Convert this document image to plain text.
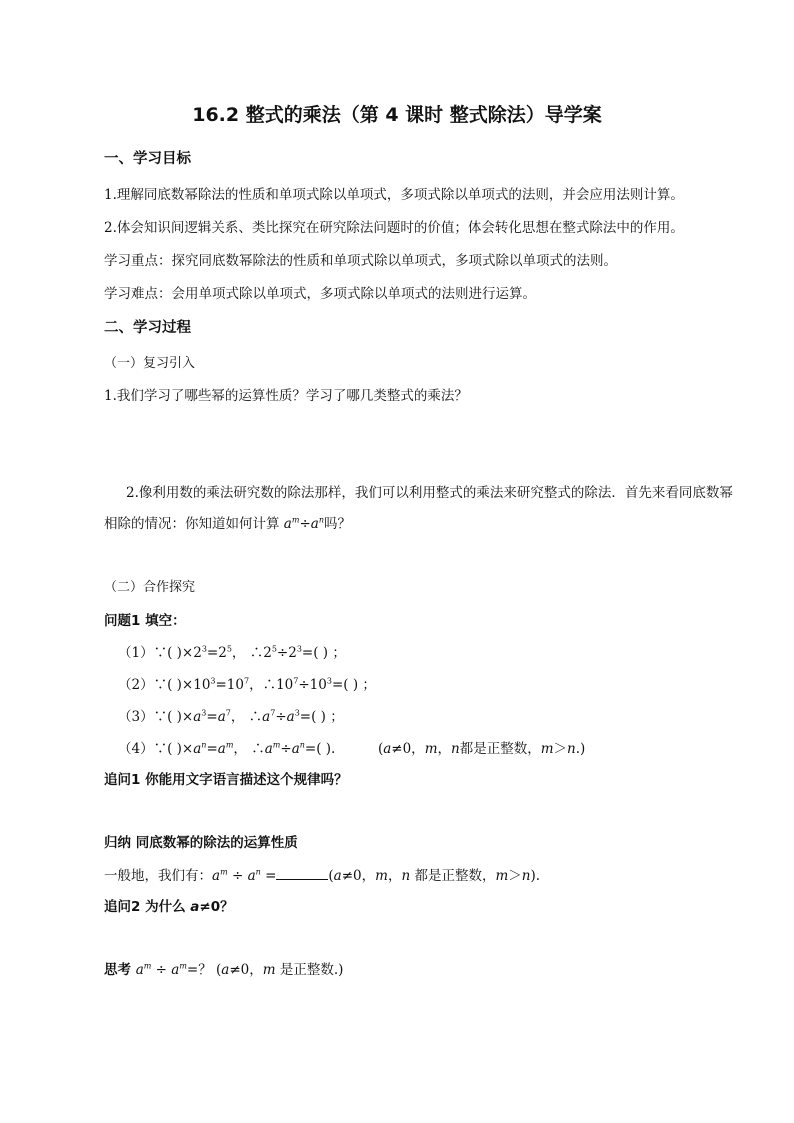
16.2 整式的乘法（第 4 课时 整式除法）导学案
一、学习目标
1.理解同底数幂除法的性质和单项式除以单项式，多项式除以单项式的法则，并会应用法则计算。
2.体会知识间逻辑关系、类比探究在研究除法问题时的价值；体会转化思想在整式除法中的作用。
学习重点：探究同底数幂除法的性质和单项式除以单项式，多项式除以单项式的法则。
学习难点：会用单项式除以单项式，多项式除以单项式的法则进行运算。
二、学习过程
（一）复习引入
1.我们学习了哪些幂的运算性质？学习了哪几类整式的乘法？
2.像利用数的乘法研究数的除法那样，我们可以利用整式的乘法来研究整式的除法．首先来看同底数幂
相除的情况：你知道如何计算 $a^m\div a^n$吗？
（二）合作探究
问题1 填空：
（1）∵( )$\times 2^3=2^5$， $\therefore 2^5\div 2^3=$( ) ；
（2）∵( )$\times 10^3=10^7$，$\therefore 10^7\div 10^3=$( ) ；
（3）∵( )$\times a^3=a^7$， $\therefore a^7\div a^3=$( ) ；
（4）∵( )$\times a^n=a^m$， $\therefore a^m\div a^n=$( ).	(a≠0，m，n都是正整数，m＞n.)
追问1 你能用文字语言描述这个规律吗？
归纳 同底数幂的除法的运算性质
一般地，我们有：$a^m \div a^n$ =	(a≠0，m，n 都是正整数，m＞n).
追问2 为什么 a≠0？
思考 $a^m \div a^m=$？ (a≠0，m 是正整数.)
